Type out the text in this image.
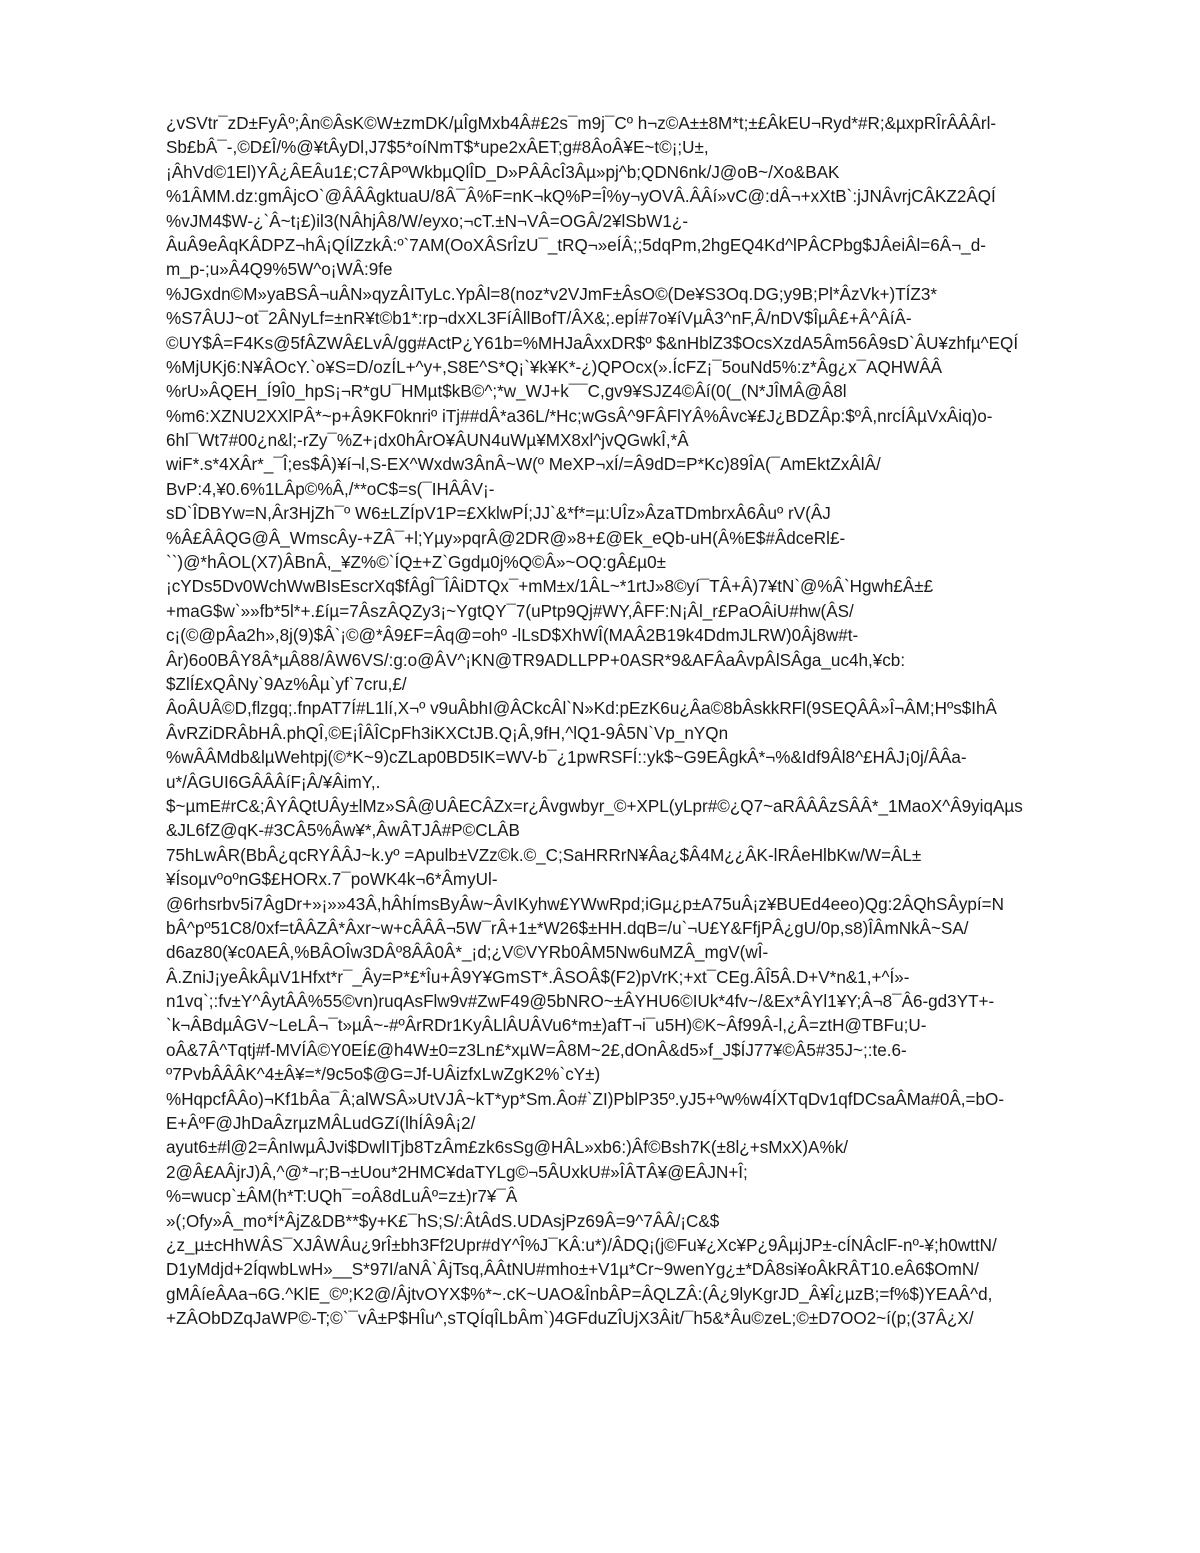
¿vSVtr¯zD±FyÂº;Ân©ÂsK©W±zmDK/µÎgMxb4Â#£2s¯m9j¯Cº h¬z©A±±8M*t;±£ÂkEU¬Ryd*#R;&µxpRÎrÂÂÂrl-
Sb£bÂ¯-,©D£Î/%@¥tÂyDl,J7$5*oíNmT$*upe2xÂET;g#8ÂoÂ¥E~t©¡;U±,
¡ÂhVd©1El)YÂ¿ÂEÂu1£;C7ÂPºWkbµQlÎD_D»PÂÂcÎ3Âµ»pj^b;QDN6nk/J@oB~/Xo&BAK
%1ÂMM.dz:gmÂjcO`@ÂÂÂgktuaU/8Â¯Â%F=nK¬kQ%P=Î%y¬yOVÂ.ÂÂí»vC@:dÂ¬+xXtB`:jJNÂvrjCÂKZ2ÂQÍ
%vJM4$W-¿`Â~t¡£)il3(NÂhjÂ8/W/eyxo;¬cT.±N¬VÂ=OGÂ/2¥lSbW1¿-
ÂuÂ9eÂqKÂDPZ¬hÂ¡QÍlZzkÂ:º`7AM(OoXÂSrÎzU¯_tRQ¬»eÍÂ;;5dqPm,2hgEQ4Kd^lPÂCPbg$JÂeiÂl=6Â¬_d-
m_p-;u»Â4Q9%5W^o¡WÂ:9fe
%JGxdn©M»yaBSÂ¬uÂN»qyzÂITyLc.YpÂl=8(noz*v2VJmF±ÂsO©(De¥S3Oq.DG;y9B;Pl*ÂzVk+)TÍZ3*
%S7ÂUJ~ot¯2ÂNyLf=±nR¥t©b1*:rp¬dxXL3FíÂllBofT/ÂX&;.epÍ#7o¥íVµÂ3^nF,Â/nDV$ÎµÂ£+Â^ÂíÂ-
©UY$Â=F4Ks@5fÂZWÂ£LvÂ/gg#ActP¿Y61b=%MHJaÂxxDR$º $&nHblZ3$OcsXzdA5Âm56Â9sD`ÂU¥zhfµ^EQÍ
%MjUKj6:N¥ÂOcY.`o¥S=D/ozÍL+^y+,S8E^S*Q¡`¥k¥K*-¿)QPOcx(».ÍcFZ¡¯5ouNd5%:z*Âg¿x¯AQHWÂÂ
%rU»ÂQEH_Í9Î0_hpS¡¬R*gU¯HMµt$kB©^;*w_WJ+k¯¯C,gv9¥SJZ4©Âí(0(_(N*JÎMÂ@Â8l
%m6:XZNU2XXlPÂ*~p+Â9KF0knriº iTj##dÂ*a36L/*Hc;wGsÂ^9FÂFlYÂ%Âvc¥£J¿BDZÂp:$ºÂ,nrcÍÂµVxÂiq)o-
6hl¯Wt7#00¿n&l;-rZy¯%Z+¡dx0hÂrO¥ÂUN4uWµ¥MX8xl^jvQGwkÎ,*Â
wiF*.s*4XÂr*_¯Î;es$Â)¥í¬l,S-EX^Wxdw3ÂnÂ~W(º MeXP¬xÍ/=Â9dD=P*Kc)89ÎA(¯AmEktZxÂlÂ/
BvP:4,¥0.6%1LÂp©%Â,/**oC$=s(¯IHÂÂV¡-
sD`ÎDBYw=N,Âr3HjZh¯º W6±LZÍpV1P=£XklwPÍ;JJ`&*f*=µ:UÎz»ÂzaTDmbrxÂ6Âuº rV(ÂJ
%Â£ÂÂQG@Â_WmscÂy-+ZÂ¯+l;Yµy»pqrÂ@2DR@»8+£@Ek_eQb-uH(Â%E$#ÂdceRl£-
``)@*hÂOL(X7)ÂBnÂ,_¥Z%©`ÍQ±+Z`Ggdµ0j%Q©Â»~OQ:gÂ£µ0±
¡cYDs5Dv0WchWwBIsEscrXq$fÂgÎ¯ÎÂiDTQx¯+mM±x/1ÂL~*1rtJ»8©yí¯TÂ+Â)7¥tN`@%Â`Hgwh£Â±£
+maG$w`»»fb*5l*+.£íµ=7ÂszÂQZy3¡~YgtQY¯7(uPtp9Qj#WY,ÂFF:N¡Âl_r£PaOÂiU#hw(ÂS/
c¡(©@pÂa2h»,8j(9)$Â`¡©@*Â9£F=Âq@=ohº -lLsD$XhWÎ(MAÂ2B19k4DdmJLRW)0Âj8w#t-
Âr)6o0BÂY8Â*µÂ88/ÂW6VS/:g:o@ÂV^¡KN@TR9ADLLPP+0ASR*9&AFÂaÂvpÂlSÂga_uc4h,¥cb:
$ZlÍ£xQÂNy`9Az%Âµ`yf`7cru,£/
ÂoÂUÂ©D,flzgq;.fnpAT7Í#L1lí,X¬º v9uÂbhI@ÂCkcÂl`N»Kd:pEzK6u¿Âa©8bÂskkRFl(9SEQÂÂ»Î¬ÂM;Hºs$IhÂ
ÂvRZiDRÂbHÂ.phQÎ,©E¡ÎÂÎCpFh3iKXCtJB.Q¡Â,9fH,^lQ1-9Â5N`Vp_nYQn
%wÂÂMdb&lµWehtpj(©*K~9)cZLap0BD5IK=WV-b¯¿1pwRSFÍ::yk$~G9EÂgkÂ*¬%&Idf9Âl8^£HÂJ¡0j/ÂÂa-
u*/ÂGUI6GÂÂÂíF¡Â/¥ÂimY,.
$~µmE#rC&;ÂYÂQtUÂy±lMz»SÂ@UÂECÂZx=r¿Âvgwbyr_©+XPL(yLpr#©¿Q7~aRÂÂÂzSÂÂ*_1MaoX^Â9yiqAµs
&JL6fZ@qK-#3CÂ5%Âw¥*,ÂwÂTJÂ#P©CLÂB
75hLwÂR(BbÂ¿qcRYÂÂJ~k.yº =Apulb±VZz©k.©_C;SaHRRrN¥Âa¿$Â4M¿¿ÂK-lRÂeHlbKw/W=ÂL±
¥ÍsoµvºoºnG$£HORx.7¯poWK4k¬6*ÂmyUl-
@6rhsrbv5i7ÂgDr+»¡»»43Â,hÂhÍmsByÂw~ÂvIKyhw£YWwRpd;iGµ¿p±A75uÂ¡z¥BUEd4eeo)Qg:2ÂQhSÂypí=N
bÂ^pº51C8/0xf=tÂÂZÂ*Âxr~w+cÂÂÂ¬5W¯rÂ+1±*W26$±HH.dqB=/u`¬U£Y&FfjPÂ¿gU/0p,s8)ÎÂmNkÂ~SA/
d6az80(¥c0AEÂ,%BÂOÎw3DÂº8ÂÂ0Â*_¡d;¿V©VYRb0ÂM5Nw6uMZÂ_mgV(wÎ-
Â.ZniJ¡yeÂkÂµV1Hfxt*r¯_Ây=P*£*Îu+Â9Y¥GmST*.ÂSOÂ$(F2)pVrK;+xt¯CEg.ÂÎ5Â.D+V*n&1,+^Í»-
n1vq`;:fv±Y^ÂytÂÂ%55©vn)ruqAsFlw9v#ZwF49@5bNRO~±ÂYHU6©IUk*4fv~/&Ex*ÂYl1¥Y;Â¬8¯Â6-gd3YT+-
`k¬ÂBdµÂGV~LeLÂ¬¯t»µÂ~-#ºÂrRDr1KyÂLlÂUÂVu6*m±)afT¬i¯u5H)©K~Âf99Â-l,¿Â=ztH@TBFu;U-
oÂ&7Â^Tqtj#f-MVÍÂ©Y0EÍ£@h4W±0=z3Ln£*xµW=Â8M~2£,dOnÂ&d5»f_J$ÍJ77¥©Â5#35J~;:te.6-
º7PvbÂÂÂK^4±Â¥=*/9c5o$@G=Jf-UÂizfxLwZgK2%`cY±)
%HqpcfÂÂo)¬Kf1bÂa¯Â;alWSÂ»UtVJÂ~kT*yp*Sm.Âo#`ZI)PblP35º.yJ5+ºw%w4ÍXTqDv1qfDCsaÂMa#0Â,=bO-
E+ÂºF@JhDaÂzrµzMÂLudGZí(lhÍÂ9Â¡2/
ayut6±#l@2=ÂnIwµÂJvi$DwlITjb8TzÂm£zk6sSg@HÂL»xb6:)Âf©Bsh7K(±8l¿+sMxX)A%k/
2@Â£AÂjrJ)Â,^@*¬r;B¬±Uou*2HMC¥daTYLg©¬5ÂUxkU#»ÎÂTÂ¥@EÂJN+Î;
%=wucp`±ÂM(h*T:UQh¯=oÂ8dLuÂº=z±)r7¥¯Â
»(;Ofy»Â_mo*Í*ÂjZ&DB**$y+K£¯hS;S/:ÂtÂdS.UDAsjPz69Â=9^7ÂÂ/¡C&$
¿z_µ±cHhWÂS¯XJÂWÂu¿9rÎ±bh3Ff2Upr#dY^Î%J¯KÂ:u*)/ÂDQ¡(j©Fu¥¿Xc¥P¿9ÂµjJP±-cÍNÂclF-nº-¥;h0wttN/
D1yMdjd+2ÍqwbLwH»__S*97I/aNÂ`ÂjTsq,ÂÂtNU#mho±+V1µ*Cr~9wenYg¿±*DÂ8si¥oÂkRÂT10.eÂ6$OmN/
gMÂíeÂAa¬6G.^KlE_©º;K2@/ÂjtvOYX$%*~.cK~UAO&ÎnbÂP=ÂQLZÂ:(Â¿9lyKgrJD_Â¥Î¿µzB;=f%$)YEAÂ^d,
+ZÂObDZqJaWP©-T;©`¯vÂ±P$HÎu^,sTQÍqÎLbÂm`)4GFduZÎUjX3Âit/¯h5&*Âu©zeL;©±D7OO2~í(p;(37Â¿X/
